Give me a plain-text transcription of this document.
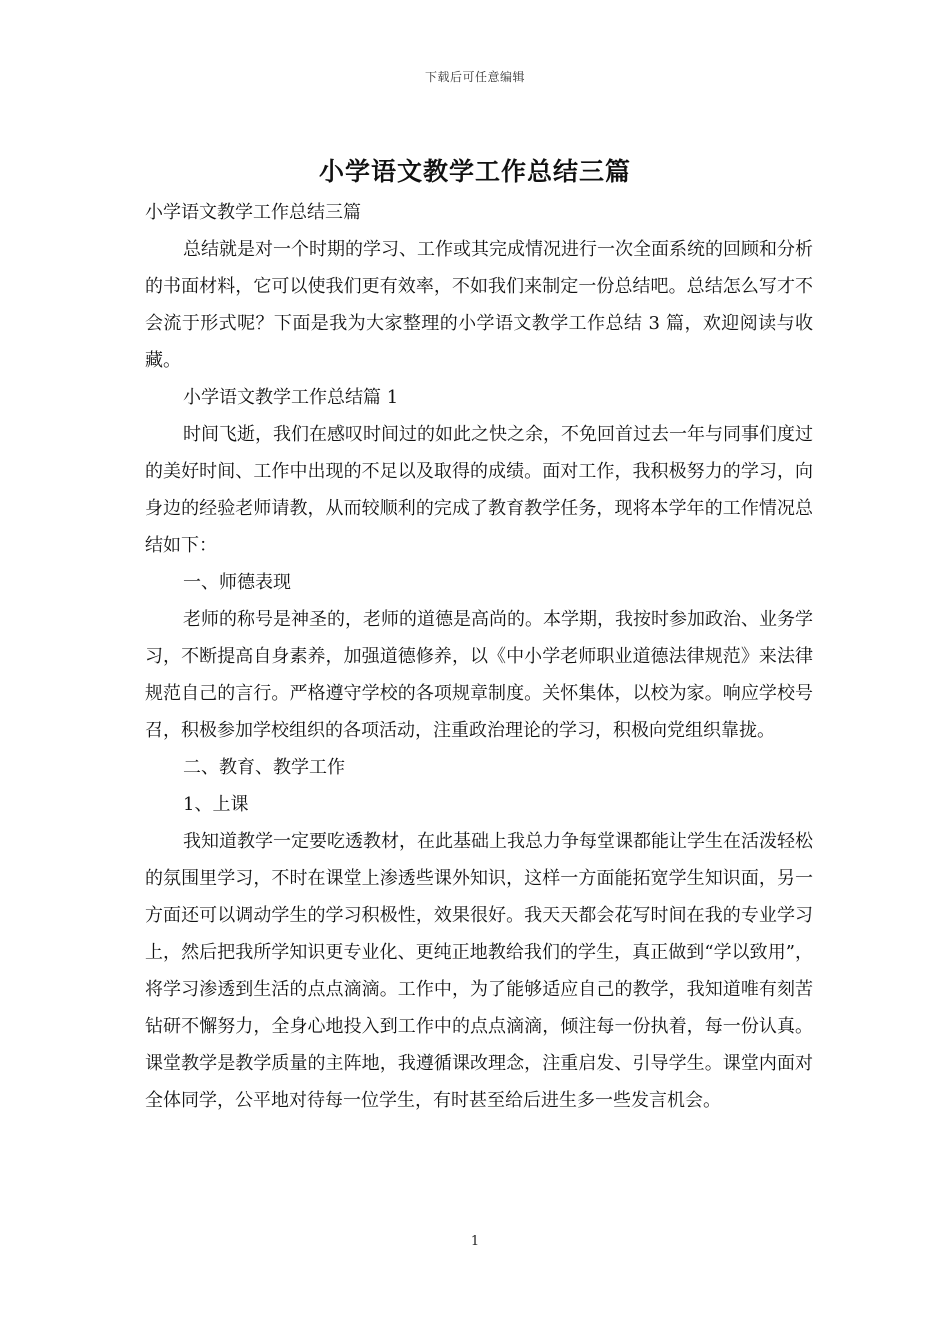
下载后可任意编辑
小学语文教学工作总结三篇

小学语文教学工作总结三篇

总结就是对一个时期的学习、工作或其完成情况进行一次全面系统的回顾和分析的书面材料，它可以使我们更有效率，不如我们来制定一份总结吧。总结怎么写才不会流于形式呢？下面是我为大家整理的小学语文教学工作总结 3 篇，欢迎阅读与收藏。

小学语文教学工作总结篇 1

时间飞逝，我们在感叹时间过的如此之快之余，不免回首过去一年与同事们度过的美好时间、工作中出现的不足以及取得的成绩。面对工作，我积极努力的学习，向身边的经验老师请教，从而较顺利的完成了教育教学任务，现将本学年的工作情况总结如下：

一、师德表现

老师的称号是神圣的，老师的道德是高尚的。本学期，我按时参加政治、业务学习，不断提高自身素养，加强道德修养，以《中小学老师职业道德法律规范》来法律规范自己的言行。严格遵守学校的各项规章制度。关怀集体，以校为家。响应学校号召，积极参加学校组织的各项活动，注重政治理论的学习，积极向党组织靠拢。

二、教育、教学工作

1、上课

我知道教学一定要吃透教材，在此基础上我总力争每堂课都能让学生在活泼轻松的氛围里学习，不时在课堂上渗透些课外知识，这样一方面能拓宽学生知识面，另一方面还可以调动学生的学习积极性，效果很好。我天天都会花写时间在我的专业学习上，然后把我所学知识更专业化、更纯正地教给我们的学生，真正做到“学以致用”，将学习渗透到生活的点点滴滴。工作中，为了能够适应自己的教学，我知道唯有刻苦钻研不懈努力，全身心地投入到工作中的点点滴滴，倾注每一份执着，每一份认真。课堂教学是教学质量的主阵地，我遵循课改理念，注重启发、引导学生。课堂内面对全体同学，公平地对待每一位学生，有时甚至给后进生多一些发言机会。

1
